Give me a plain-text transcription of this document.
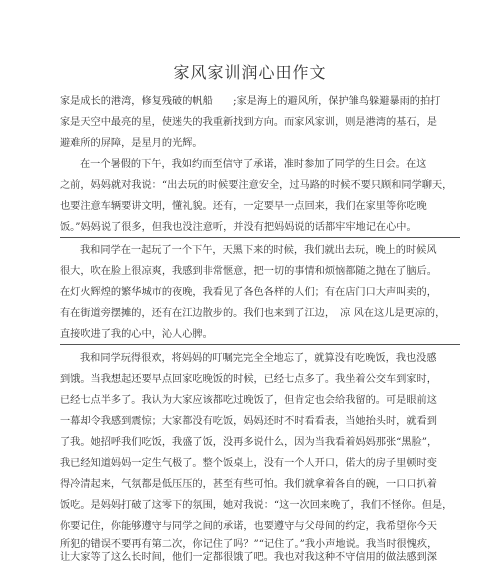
家风家训润心田作文
家是成长的港湾，修复残破的帆船　　;家是海上的避风所，保护雏鸟躲避暴雨的拍打
家是天空中最亮的星，使迷失的我重新找到方向。而家风家训，则是港湾的基石，是
避难所的屏障，是星月的光辉。
在一个暑假的下午，我如约而至信守了承诺，准时参加了同学的生日会。在这
之前，妈妈就对我说：“出去玩的时候要注意安全，过马路的时候不要只顾和同学聊天，
也要注意车辆要讲文明，懂礼貌。还有，一定要早一点回来，我们在家里等你吃晚
饭。”妈妈说了很多，但我也没注意听，并没有把妈妈说的话都牢牢地记在心中。
我和同学在一起玩了一个下午，天黑下来的时候，我们就出去玩，晚上的时候风
很大，吹在脸上很凉爽，我感到非常惬意，把一切的事情和烦恼都随之抛在了脑后。
在灯火辉煌的繁华城市的夜晚，我看见了各色各样的人们；有在店门口大声叫卖的，
有在街道旁摆摊的，还有在江边散步的。我们也来到了江边，　凉 风在这儿是更凉的，
直接吹进了我的心中，沁人心脾。
我和同学玩得很欢，将妈妈的叮嘱完完全全地忘了，就算没有吃晚饭，我也没感
到饿。当我想起还要早点回家吃晚饭的时候，已经七点多了。我坐着公交车到家时，
已经七点半多了。我认为大家应该都吃过晚饭了，但肯定也会给我留的。可是眼前这
一幕却令我感到震惊；大家都没有吃饭，妈妈还时不时看看表，当她抬头时，就看到
了我。她招呼我们吃饭，我盛了饭，没再多说什么，因为当我看着妈妈那张“黑脸”，
我已经知道妈妈一定生气极了。整个饭桌上，没有一个人开口，偌大的房子里顿时变
得冷清起来，气氛都是低压压的，甚至有些可怕。我们就拿着各自的碗，一口口扒着
饭吃。是妈妈打破了这零下的氛围，她对我说：“这一次回来晚了，我们不怪你。但是，
你要记住，你能够遵守与同学之间的承诺，也要遵守与父母间的约定，我希望你今天
所犯的错误不要再有第二次，你记住了吗？”“记住了。”我小声地说。我当时很愧疚，
让大家等了这么长时间，他们一定都很饿了吧。我也对我这种不守信用的做法感到深
